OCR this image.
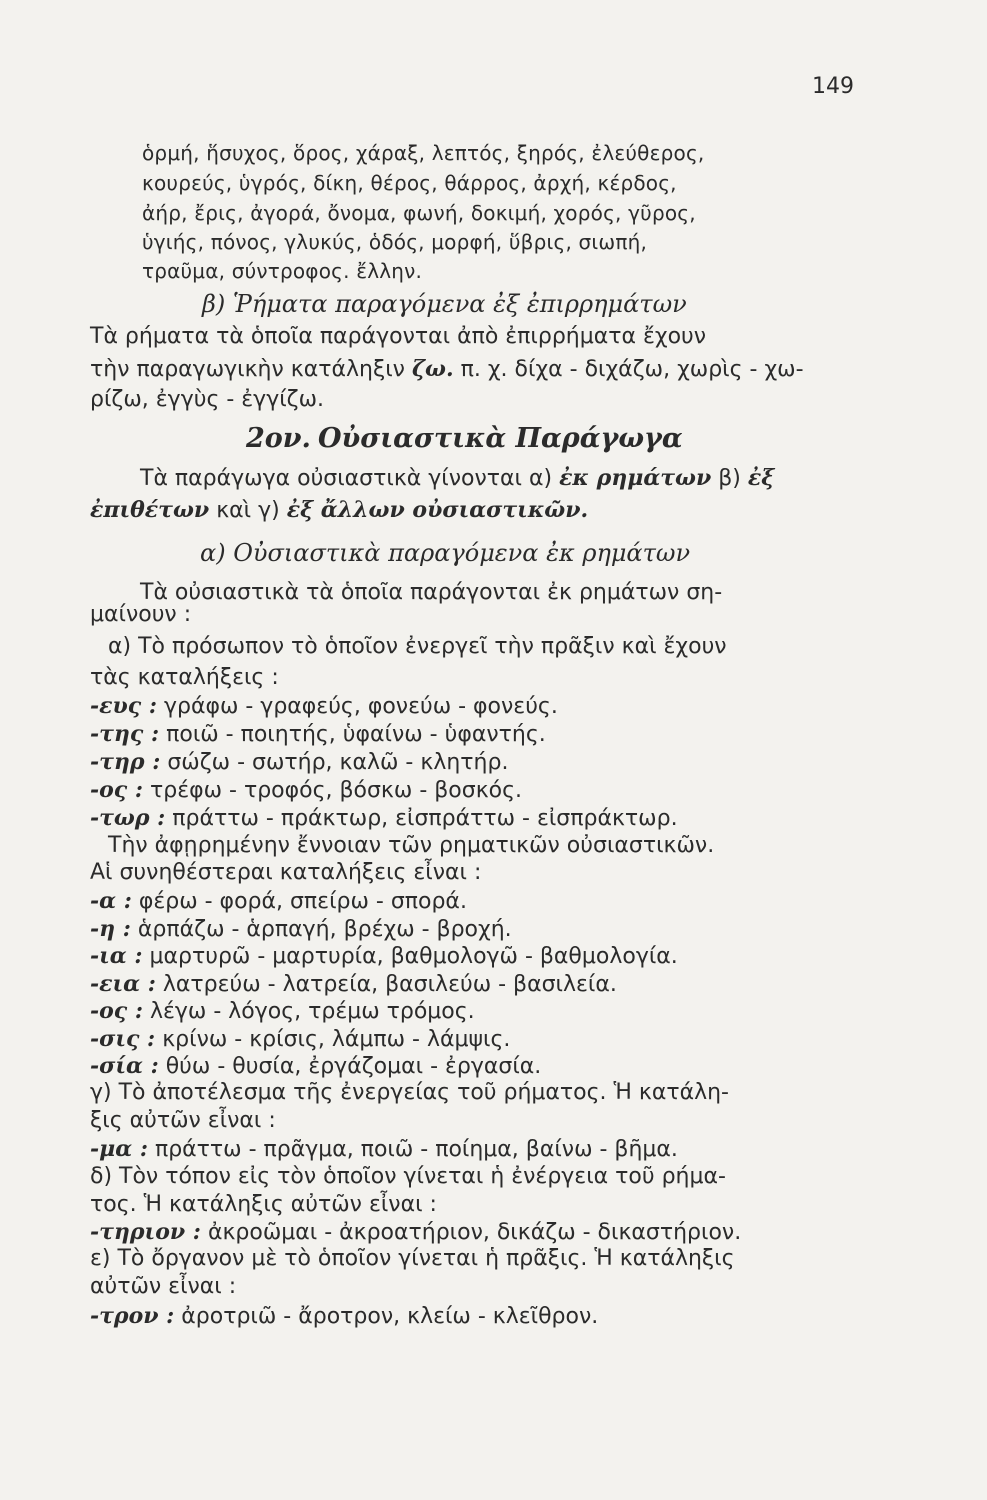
149
ὁρμή, ἥσυχος, ὅρος, χάραξ, λεπτός, ξηρός, ἐλεύθερος,
κουρεύς, ὑγρός, δίκη, θέρος, θάρρος, ἀρχή, κέρδος,
ἀήρ, ἔρις, ἀγορά, ὄνομα, φωνή, δοκιμή, χορός, γῦρος,
ὑγιής, πόνος, γλυκύς, ὁδός, μορφή, ὕβρις, σιωπή,
τραῦμα, σύντροφος. ἔλλην.
β) Ῥήματα παραγόμενα ἐξ ἐπιρρημάτων
Τὰ ρήματα τὰ ὁποῖα παράγονται ἀπὸ ἐπιρρήματα ἔχουν
τὴν παραγωγικὴν κατάληξιν ζω. π. χ. δίχα - διχάζω, χωρὶς - χω-
ρίζω, ἐγγὺς - ἐγγίζω.
2ον. Οὐσιαστικὰ Παράγωγα
Τὰ παράγωγα οὐσιαστικὰ γίνονται α) ἐκ ρημάτων β) ἐξ
ἐπιθέτων καὶ γ) ἐξ ἄλλων οὐσιαστικῶν.
α) Οὐσιαστικὰ παραγόμενα ἐκ ρημάτων
Τὰ οὐσιαστικὰ τὰ ὁποῖα παράγονται ἐκ ρημάτων ση-
μαίνουν :
α) Τὸ πρόσωπον τὸ ὁποῖον ἐνεργεῖ τὴν πρᾶξιν καὶ ἔχουν
τὰς καταλήξεις :
-ευς : γράφω - γραφεύς, φονεύω - φονεύς.
-της : ποιῶ - ποιητής, ὑφαίνω - ὑφαντής.
-τηρ : σώζω - σωτήρ, καλῶ - κλητήρ.
-ος : τρέφω - τροφός, βόσκω - βοσκός.
-τωρ : πράττω - πράκτωρ, εἰσπράττω - εἰσπράκτωρ.
Τὴν ἀφῃρημένην ἔννοιαν τῶν ρηματικῶν οὐσιαστικῶν.
Αἱ συνηθέστεραι καταλήξεις εἶναι :
-α : φέρω - φορά, σπείρω - σπορά.
-η : ἁρπάζω - ἁρπαγή, βρέχω - βροχή.
-ια : μαρτυρῶ - μαρτυρία, βαθμολογῶ - βαθμολογία.
-εια : λατρεύω - λατρεία, βασιλεύω - βασιλεία.
-ος : λέγω - λόγος, τρέμω τρόμος.
-σις : κρίνω - κρίσις, λάμπω - λάμψις.
-σία : θύω - θυσία, ἐργάζομαι - ἐργασία.
γ) Τὸ ἀποτέλεσμα τῆς ἐνεργείας τοῦ ρήματος. Ἡ κατάλη-
ξις αὐτῶν εἶναι :
-μα : πράττω - πρᾶγμα, ποιῶ - ποίημα, βαίνω - βῆμα.
δ) Τὸν τόπον εἰς τὸν ὁποῖον γίνεται ἡ ἐνέργεια τοῦ ρήμα-
τος. Ἡ κατάληξις αὐτῶν εἶναι :
-τηριον : ἀκροῶμαι - ἀκροατήριον, δικάζω - δικαστήριον.
ε) Τὸ ὄργανον μὲ τὸ ὁποῖον γίνεται ἡ πρᾶξις. Ἡ κατάληξις
αὐτῶν εἶναι :
-τρον : ἀροτριῶ - ἄροτρον, κλείω - κλεῖθρον.
